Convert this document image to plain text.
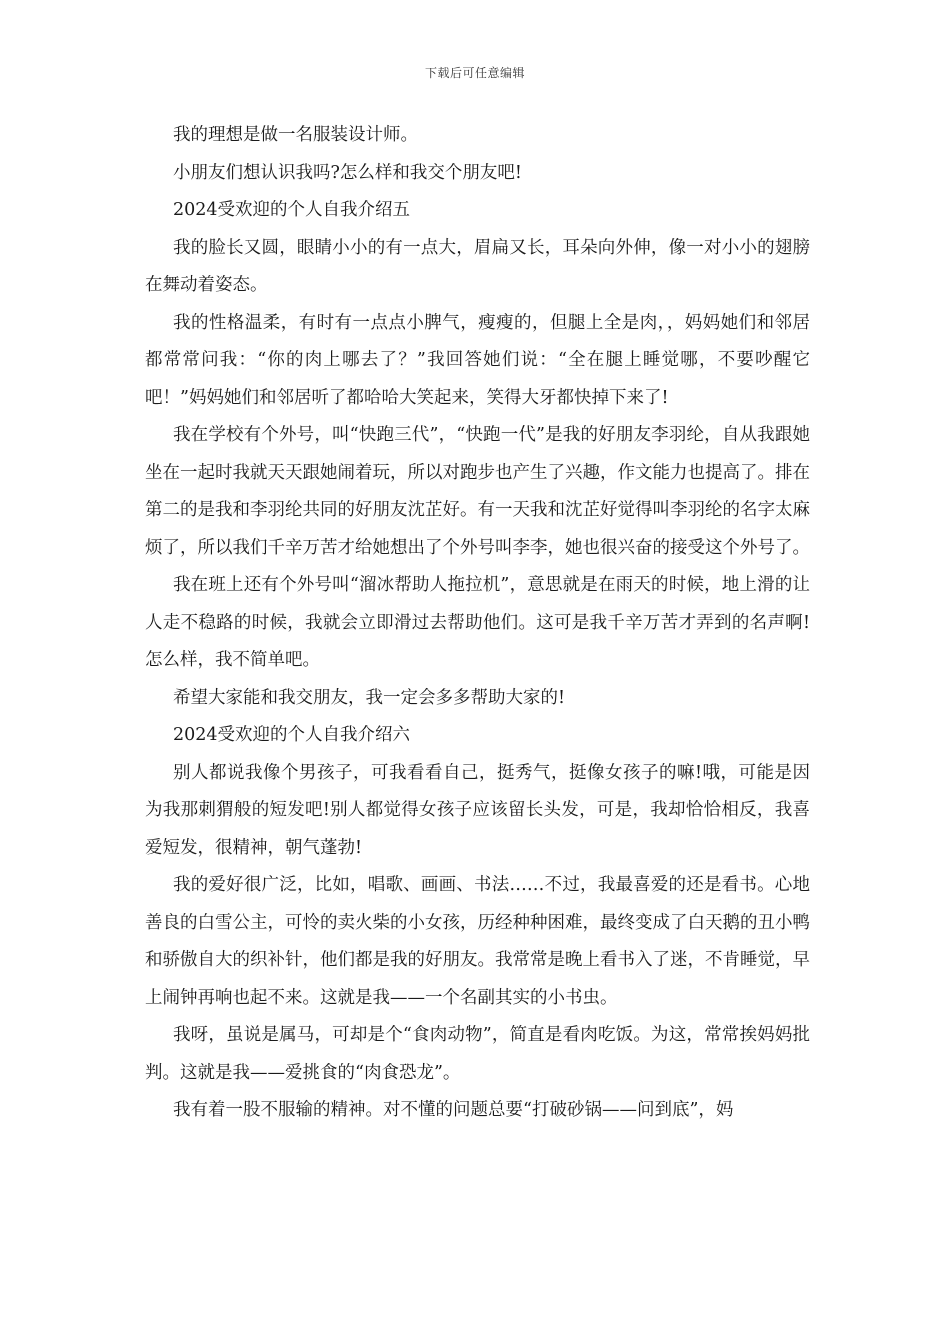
下载后可任意编辑

我的理想是做一名服装设计师。

小朋友们想认识我吗?怎么样和我交个朋友吧!

2024受欢迎的个人自我介绍五

我的脸长又圆，眼睛小小的有一点大，眉扁又长，耳朵向外伸，像一对小小的翅膀在舞动着姿态。

我的性格温柔，有时有一点点小脾气，瘦瘦的，但腿上全是肉，，妈妈她们和邻居都常常问我：“你的肉上哪去了？”我回答她们说：“全在腿上睡觉哪，不要吵醒它吧！”妈妈她们和邻居听了都哈哈大笑起来，笑得大牙都快掉下来了!

我在学校有个外号，叫“快跑三代”，“快跑一代”是我的好朋友李羽纶，自从我跟她坐在一起时我就天天跟她闹着玩，所以对跑步也产生了兴趣，作文能力也提高了。排在第二的是我和李羽纶共同的好朋友沈芷好。有一天我和沈芷好觉得叫李羽纶的名字太麻烦了，所以我们千辛万苦才给她想出了个外号叫李李，她也很兴奋的接受这个外号了。

我在班上还有个外号叫“溜冰帮助人拖拉机”，意思就是在雨天的时候，地上滑的让人走不稳路的时候，我就会立即滑过去帮助他们。这可是我千辛万苦才弄到的名声啊!怎么样，我不简单吧。

希望大家能和我交朋友，我一定会多多帮助大家的!

2024受欢迎的个人自我介绍六

别人都说我像个男孩子，可我看看自己，挺秀气，挺像女孩子的嘛!哦，可能是因为我那刺猬般的短发吧!别人都觉得女孩子应该留长头发，可是，我却恰恰相反，我喜爱短发，很精神，朝气蓬勃!

我的爱好很广泛，比如，唱歌、画画、书法……不过，我最喜爱的还是看书。心地善良的白雪公主，可怜的卖火柴的小女孩，历经种种困难，最终变成了白天鹅的丑小鸭和骄傲自大的织补针，他们都是我的好朋友。我常常是晚上看书入了迷，不肯睡觉，早上闹钟再响也起不来。这就是我——一个名副其实的小书虫。

我呀，虽说是属马，可却是个“食肉动物”，简直是看肉吃饭。为这，常常挨妈妈批判。这就是我——爱挑食的“肉食恐龙”。

我有着一股不服输的精神。对不懂的问题总要“打破砂锅——问到底”，妈
